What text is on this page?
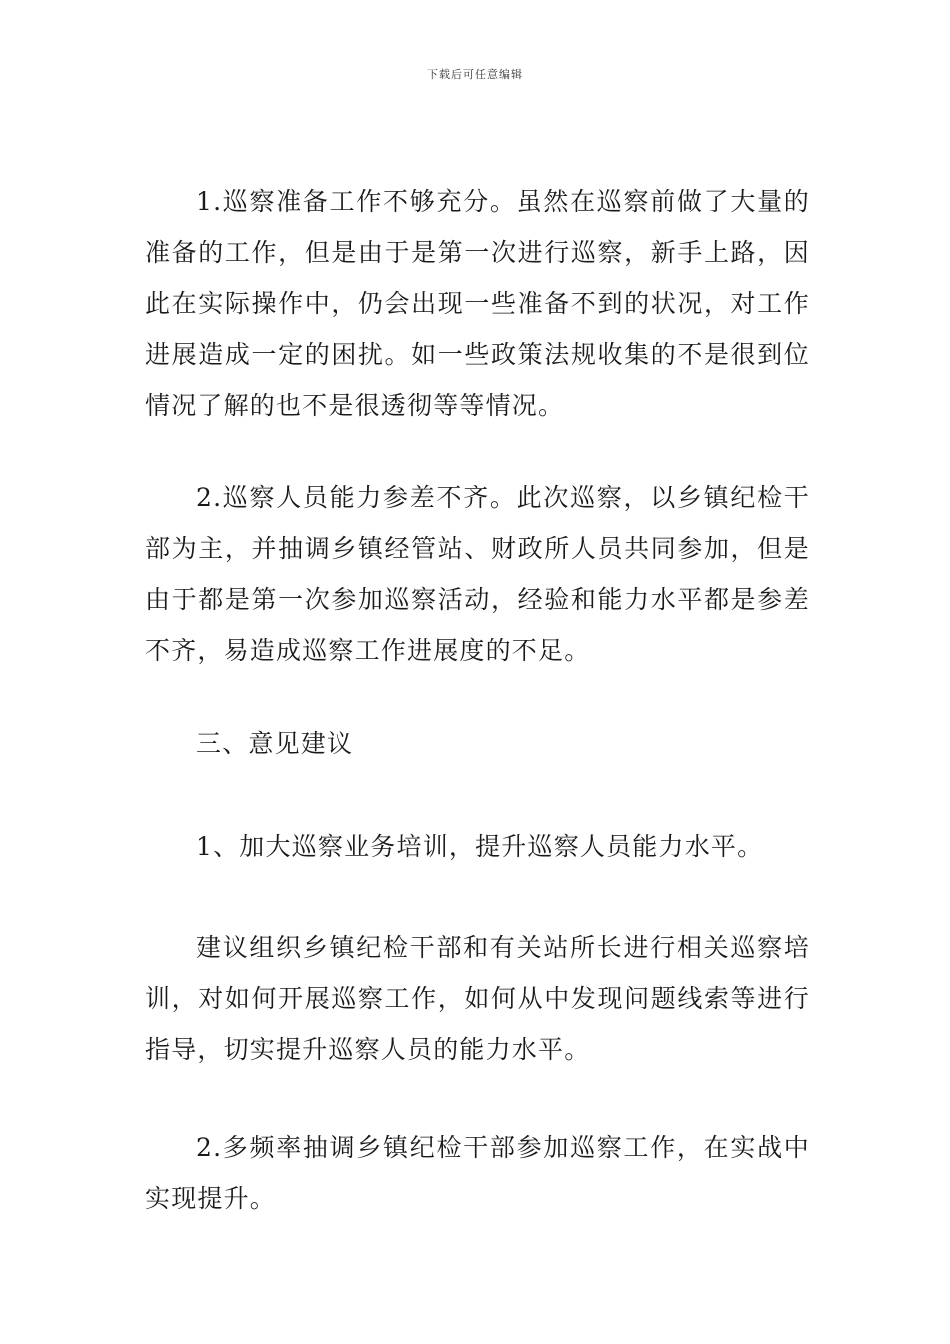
下载后可任意编辑

1.巡察准备工作不够充分。虽然在巡察前做了大量的准备的工作，但是由于是第一次进行巡察，新手上路，因此在实际操作中，仍会出现一些准备不到的状况，对工作进展造成一定的困扰。如一些政策法规收集的不是很到位情况了解的也不是很透彻等等情况。

2.巡察人员能力参差不齐。此次巡察，以乡镇纪检干部为主，并抽调乡镇经管站、财政所人员共同参加，但是由于都是第一次参加巡察活动，经验和能力水平都是参差不齐，易造成巡察工作进展度的不足。

三、意见建议

1、加大巡察业务培训，提升巡察人员能力水平。

建议组织乡镇纪检干部和有关站所长进行相关巡察培训，对如何开展巡察工作，如何从中发现问题线索等进行指导，切实提升巡察人员的能力水平。

2.多频率抽调乡镇纪检干部参加巡察工作，在实战中实现提升。
